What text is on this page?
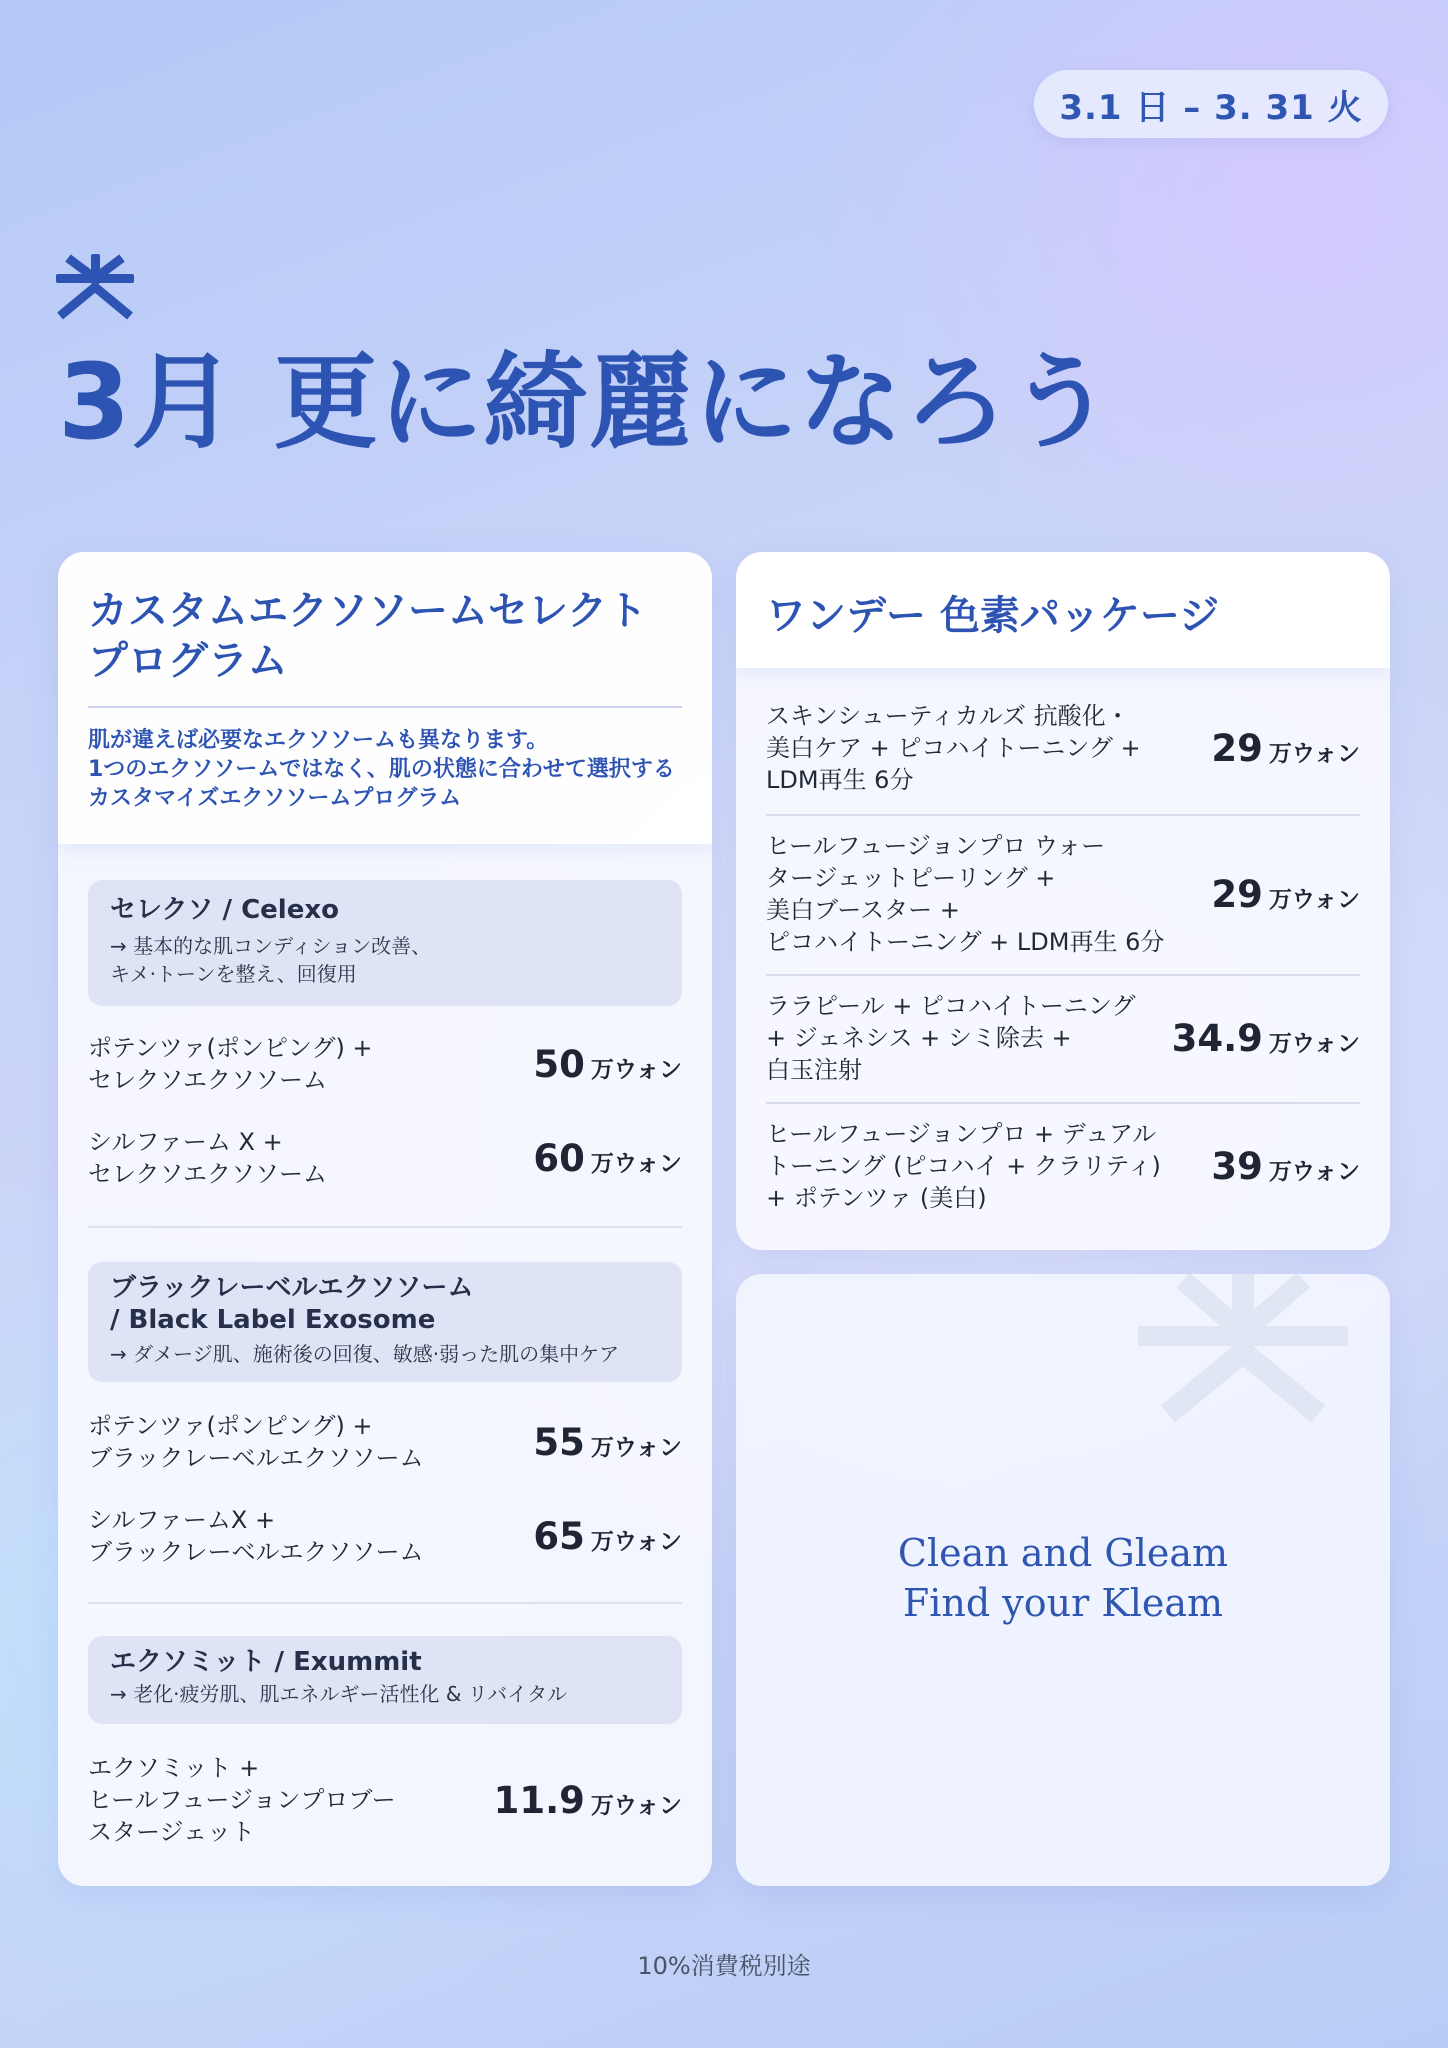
3.1 日 – 3. 31 火
3月 更に綺麗になろう
カスタムエクソソームセレクト
プログラム

肌が違えば必要なエクソソームも異なります。
1つのエクソソームではなく、肌の状態に合わせて選択する
カスタマイズエクソソームプログラム

セレクソ / Celexo
→ 基本的な肌コンディション改善、
キメ·トーンを整え、回復用
ポテンツァ(ポンピング) +
セレクソエクソソーム	50 万ウォン
シルファーム X +
セレクソエクソソーム	60 万ウォン
ブラックレーベルエクソソーム
/ Black Label Exosome
→ ダメージ肌、施術後の回復、敏感·弱った肌の集中ケア
ポテンツァ(ポンピング) +
ブラックレーベルエクソソーム	55 万ウォン
シルファームX +
ブラックレーベルエクソソーム	65 万ウォン
エクソミット / Exummit
→ 老化·疲労肌、肌エネルギー活性化 & リバイタル
エクソミット +
ヒールフュージョンプロブー
スタージェット
11.9 万ウォン
ワンデー 色素パッケージ
スキンシューティカルズ 抗酸化・
美白ケア + ピコハイトーニング +
LDM再生 6分
29 万ウォン
ヒールフュージョンプロ ウォー
タージェットピーリング +
美白ブースター +
ピコハイトーニング + LDM再生 6分
29 万ウォン
ララピール + ピコハイトーニング
+ ジェネシス + シミ除去 +
白玉注射
34.9 万ウォン
ヒールフュージョンプロ + デュアル
トーニング (ピコハイ + クラリティ)
+ ポテンツァ (美白)
39 万ウォン
Clean and Gleam
Find your Kleam
10%消費税別途
